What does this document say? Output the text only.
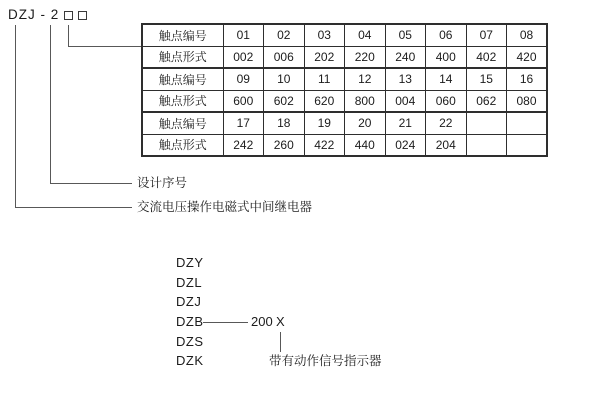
DZJ - 2
设计序号
交流电压操作电磁式中间继电器
触点编号	01	02	03	04	05	06	07	08
触点形式	002	006	202	220	240	400	402	420
触点编号	09	10	11	12	13	14	15	16
触点形式	600	602	620	800	004	060	062	080
触点编号	17	18	19	20	21	22		
触点形式	242	260	422	440	024	204		
DZY
DZL
DZJ
DZB
DZS
DZK
200 X
带有动作信号指示器
